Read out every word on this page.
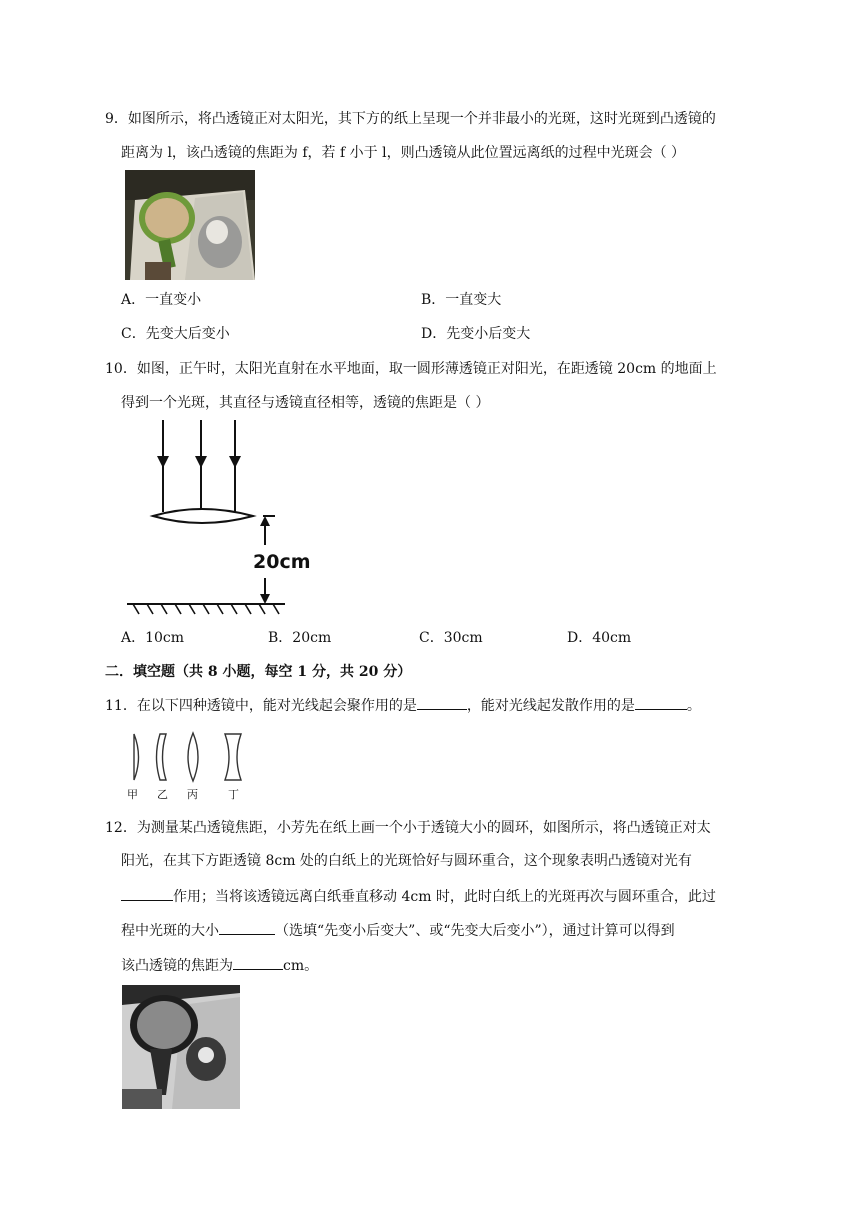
9．如图所示，将凸透镜正对太阳光，其下方的纸上呈现一个并非最小的光斑，这时光斑到凸透镜的
距离为 l，该凸透镜的焦距为 f，若 f 小于 l，则凸透镜从此位置远离纸的过程中光斑会（ ）
A．一直变小	B．一直变大
C．先变大后变小	D．先变小后变大
10．如图，正午时，太阳光直射在水平地面，取一圆形薄透镜正对阳光，在距透镜 20cm 的地面上
得到一个光斑，其直径与透镜直径相等，透镜的焦距是（ ）
20cm
A．10cm	B．20cm	C．30cm	D．40cm
二．填空题（共 8 小题，每空 1 分，共 20 分）
11．在以下四种透镜中，能对光线起会聚作用的是	，能对光线起发散作用的是	。
甲 乙 丙	丁
12．为测量某凸透镜焦距，小芳先在纸上画一个小于透镜大小的圆环，如图所示，将凸透镜正对太
阳光，在其下方距透镜 8cm 处的白纸上的光斑恰好与圆环重合，这个现象表明凸透镜对光有
作用；当将该透镜远离白纸垂直移动 4cm 时，此时白纸上的光斑再次与圆环重合，此过
程中光斑的大小	（选填“先变小后变大”、或“先变大后变小”），通过计算可以得到
该凸透镜的焦距为	cm。
